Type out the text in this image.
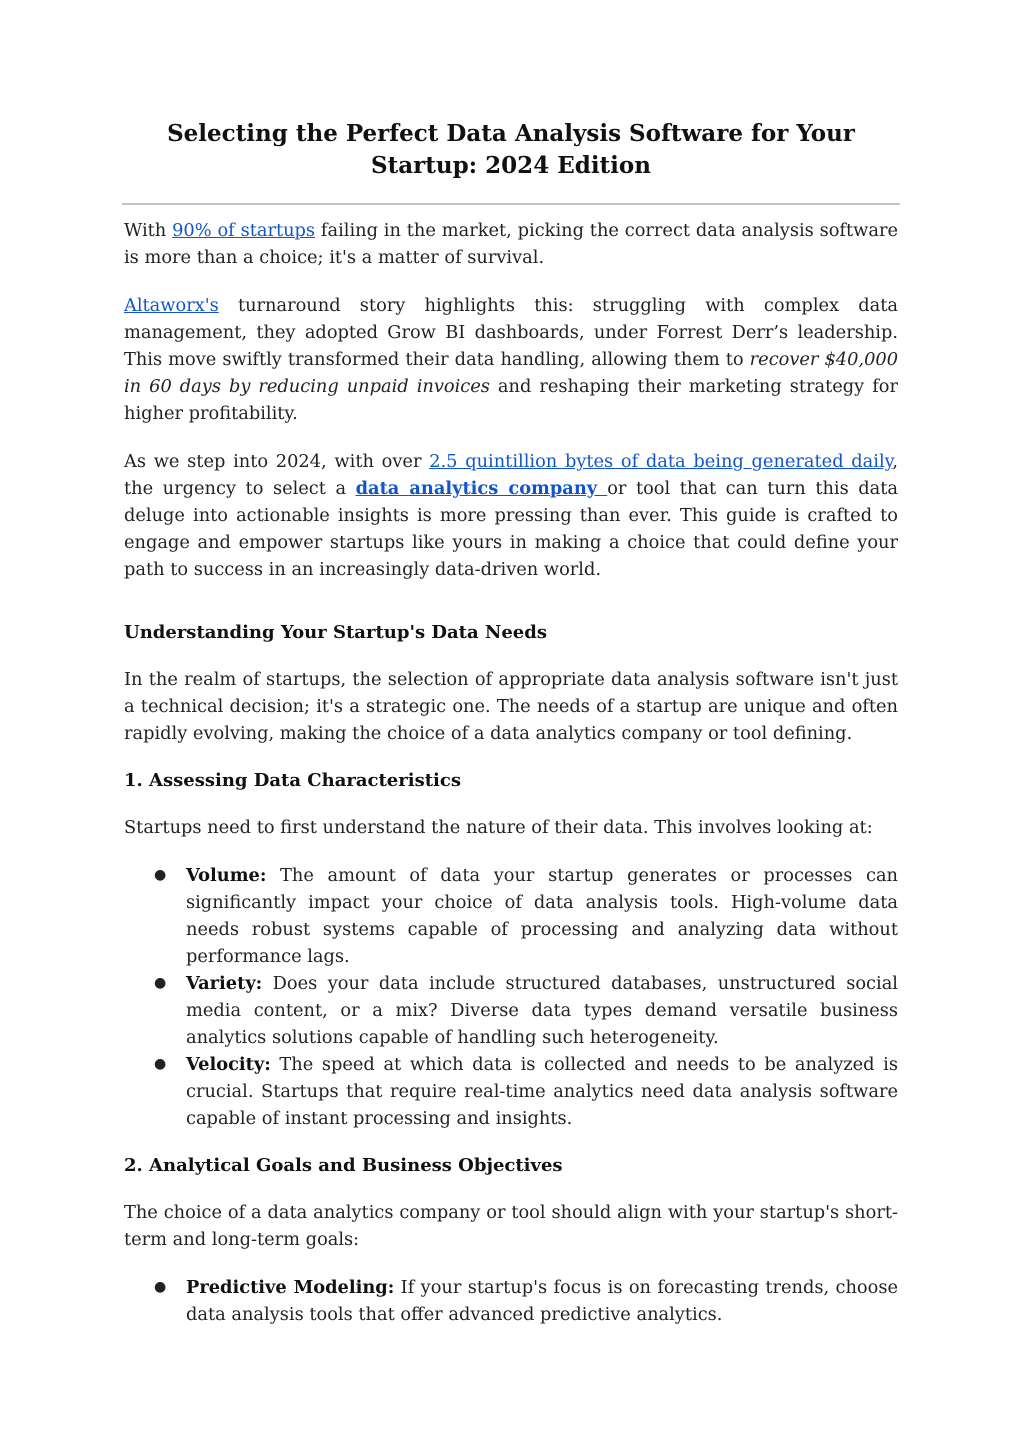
Selecting the Perfect Data Analysis Software for Your Startup: 2024 Edition

With 90% of startups failing in the market, picking the correct data analysis software is more than a choice; it's a matter of survival.

Altaworx's turnaround story highlights this: struggling with complex data management, they adopted Grow BI dashboards, under Forrest Derr’s leadership. This move swiftly transformed their data handling, allowing them to recover $40,000 in 60 days by reducing unpaid invoices and reshaping their marketing strategy for higher profitability.

As we step into 2024, with over 2.5 quintillion bytes of data being generated daily, the urgency to select a data analytics company or tool that can turn this data deluge into actionable insights is more pressing than ever. This guide is crafted to engage and empower startups like yours in making a choice that could define your path to success in an increasingly data-driven world.

Understanding Your Startup's Data Needs

In the realm of startups, the selection of appropriate data analysis software isn't just a technical decision; it's a strategic one. The needs of a startup are unique and often rapidly evolving, making the choice of a data analytics company or tool defining.

1. Assessing Data Characteristics

Startups need to first understand the nature of their data. This involves looking at:

● Volume: The amount of data your startup generates or processes can significantly impact your choice of data analysis tools. High-volume data needs robust systems capable of processing and analyzing data without performance lags.
● Variety: Does your data include structured databases, unstructured social media content, or a mix? Diverse data types demand versatile business analytics solutions capable of handling such heterogeneity.
● Velocity: The speed at which data is collected and needs to be analyzed is crucial. Startups that require real-time analytics need data analysis software capable of instant processing and insights.
2. Analytical Goals and Business Objectives

The choice of a data analytics company or tool should align with your startup's short-term and long-term goals:

● Predictive Modeling: If your startup's focus is on forecasting trends, choose data analysis tools that offer advanced predictive analytics.
